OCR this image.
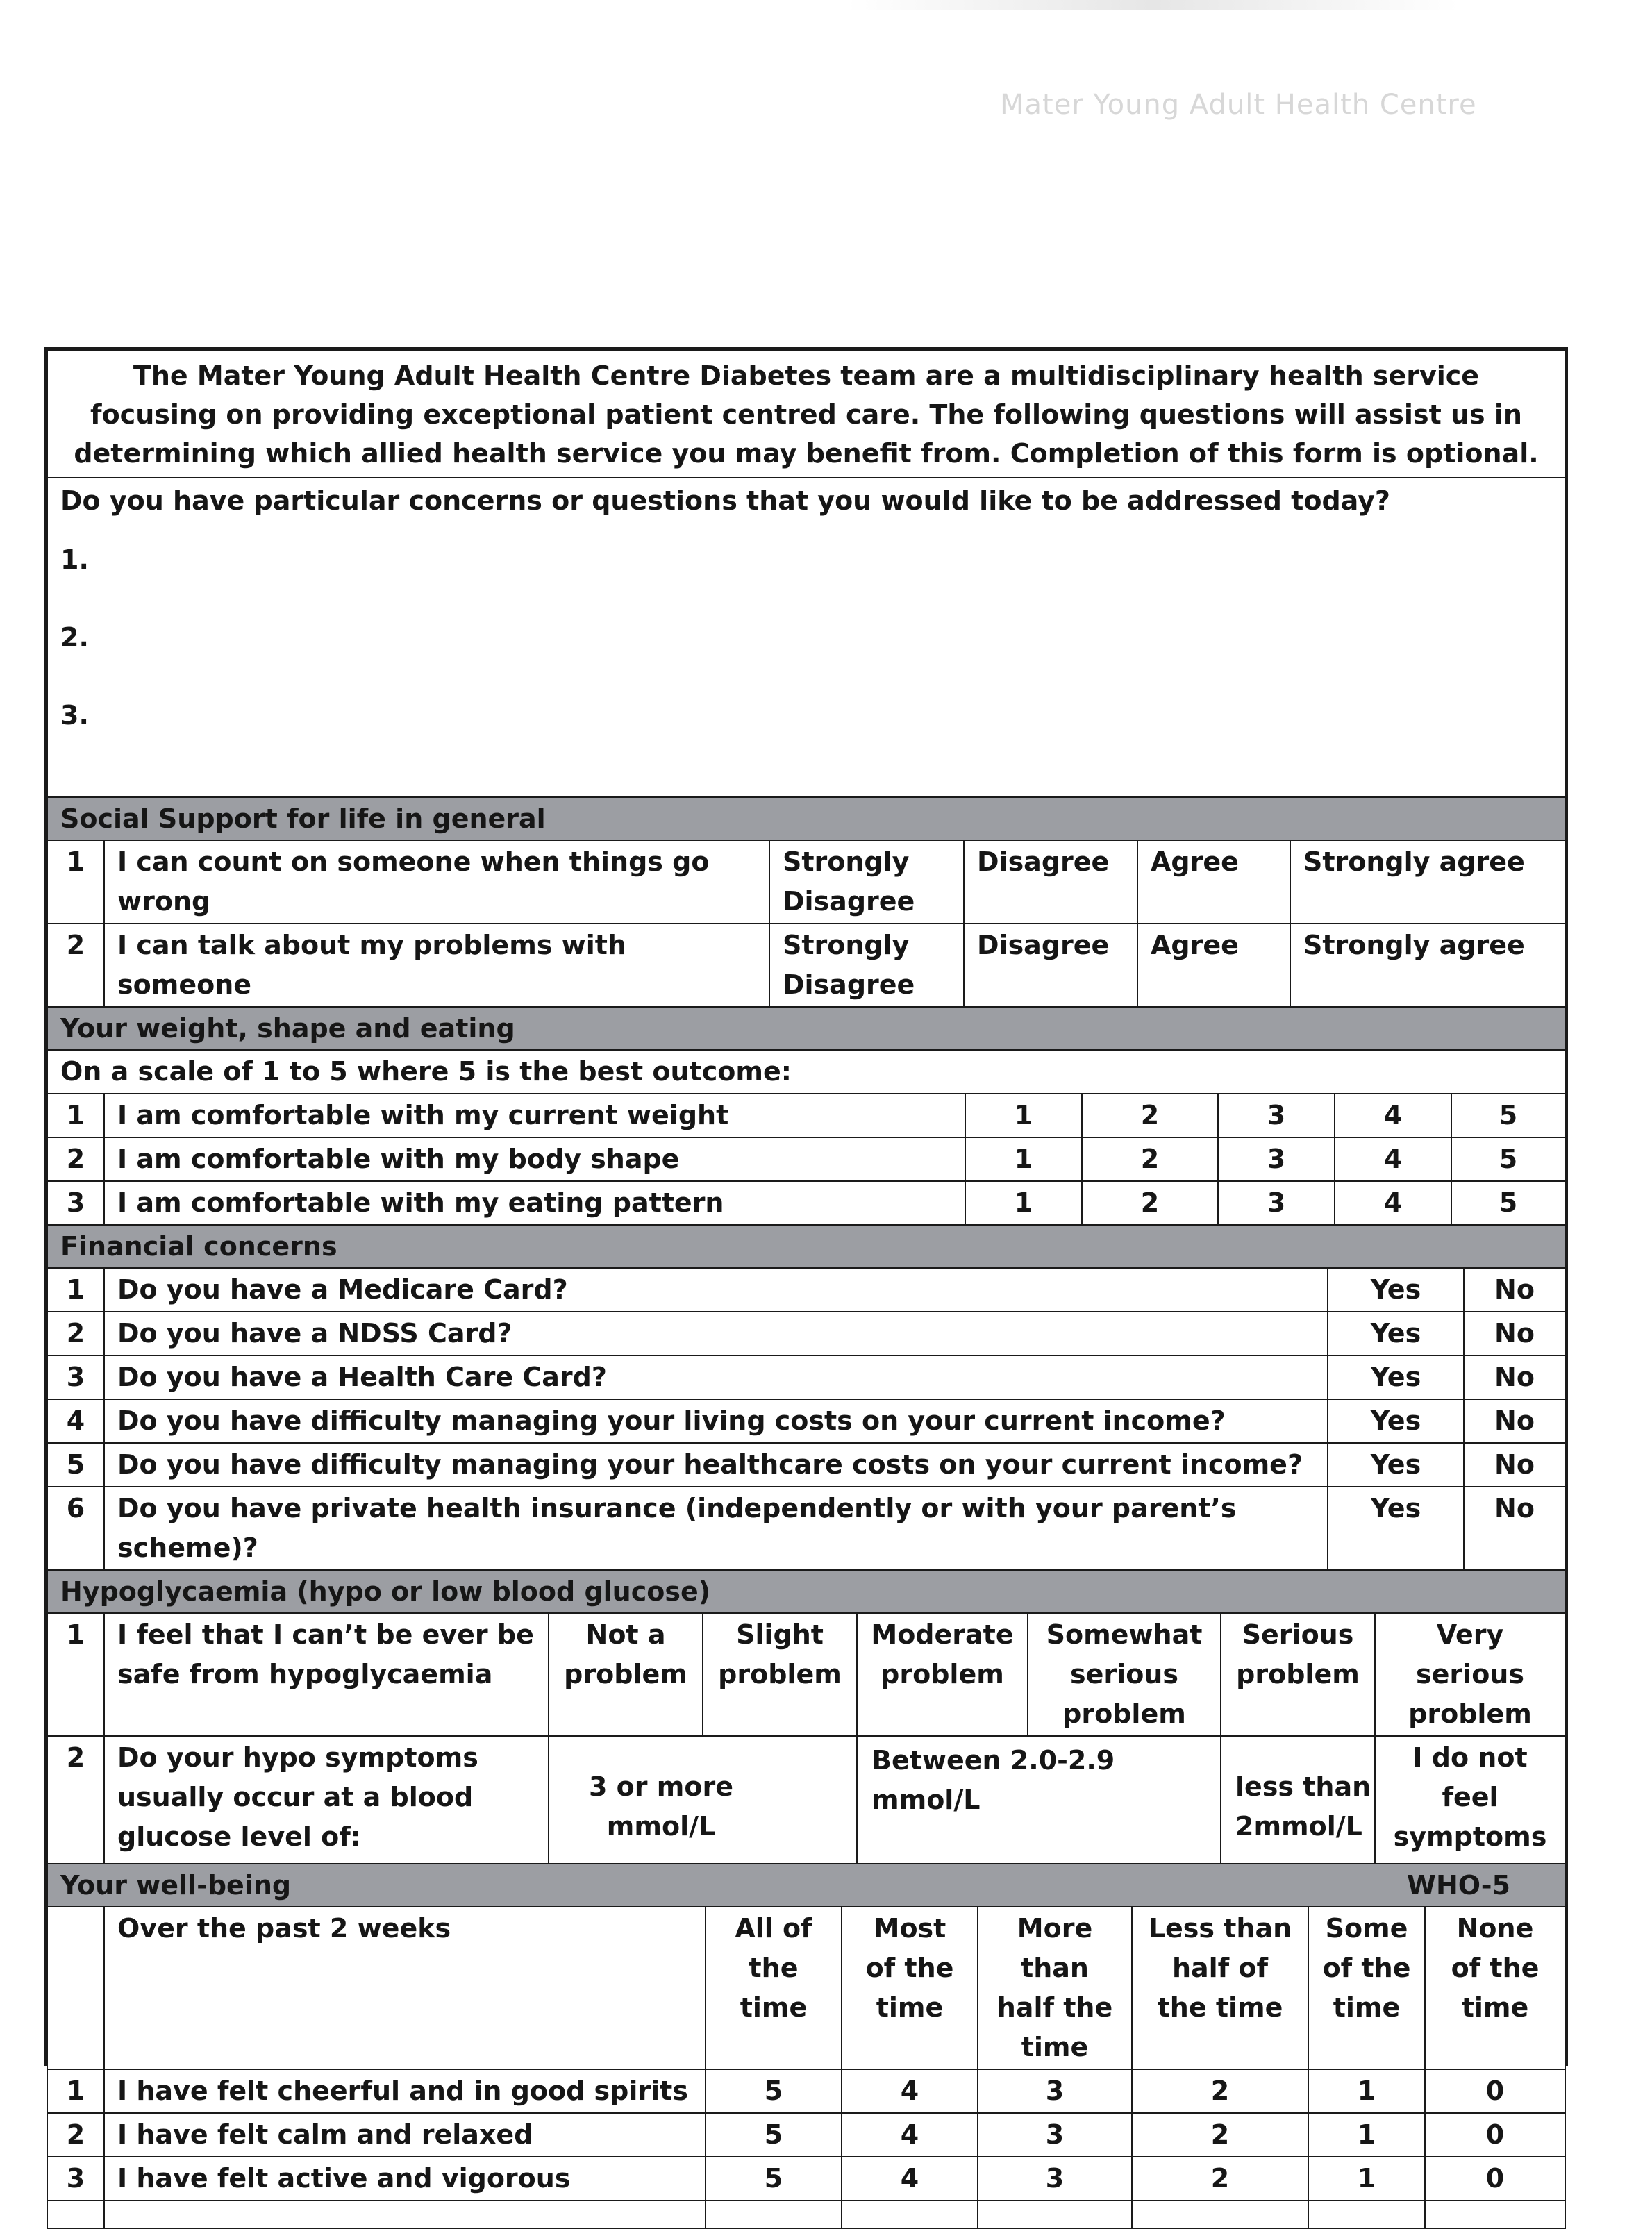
Mater Young Adult Health Centre
The Mater Young Adult Health Centre Diabetes team are a multidisciplinary health service focusing on providing exceptional patient centred care. The following questions will assist us in determining which allied health service you may benefit from. Completion of this form is optional.

Do you have particular concerns or questions that you would like to be addressed today?
1.
2.
3.
Social Support for life in general					
1	I can count on someone when things go wrong	Strongly Disagree	Disagree	Agree	Strongly agree
2	I can talk about my problems with someone	Strongly Disagree	Disagree	Agree	Strongly agree
Your weight, shape and eating						
On a scale of 1 to 5 where 5 is the best outcome:						
1	I am comfortable with my current weight	1	2	3	4	5
2	I am comfortable with my body shape	1	2	3	4	5
3	I am comfortable with my eating pattern	1	2	3	4	5
Financial concerns			
1	Do you have a Medicare Card?	Yes	No
2	Do you have a NDSS Card?	Yes	No
3	Do you have a Health Care Card?	Yes	No
4	Do you have difficulty managing your living costs on your current income?	Yes	No
5	Do you have difficulty managing your healthcare costs on your current income?	Yes	No
6	Do you have private health insurance (independently or with your parent’s scheme)?	Yes	No
Hypoglycaemia (hypo or low blood glucose)							
1	I feel that I can’t be ever be safe from hypoglycaemia	Not a problem	Slight problem	Moderate problem	Somewhat serious problem	Serious problem	Very serious problem
2	Do your hypo symptoms usually occur at a blood glucose level of:	3 or more mmol/L		Between 2.0-2.9 mmol/L		less than 2mmol/L	I do not feel symptoms
Your well-being WHO-5							

	Over the past 2 weeks	All of the time	Most of the time	More than half the time	Less than half of the time	Some of the time	None of the time
1	I have felt cheerful and in good spirits	5	4	3	2	1	0
2	I have felt calm and relaxed	5	4	3	2	1	0
3	I have felt active and vigorous	5	4	3	2	1	0
